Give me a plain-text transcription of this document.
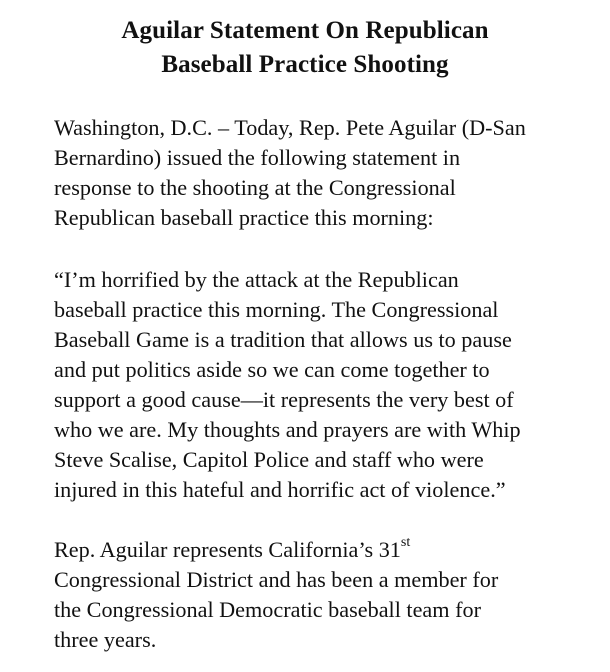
Aguilar Statement On Republican
Baseball Practice Shooting

Washington, D.C. – Today, Rep. Pete Aguilar (D-San
Bernardino) issued the following statement in
response to the shooting at the Congressional
Republican baseball practice this morning:

“I’m horrified by the attack at the Republican
baseball practice this morning. The Congressional
Baseball Game is a tradition that allows us to pause
and put politics aside so we can come together to
support a good cause—it represents the very best of
who we are. My thoughts and prayers are with Whip
Steve Scalise, Capitol Police and staff who were
injured in this hateful and horrific act of violence.”

Rep. Aguilar represents California’s 31st
Congressional District and has been a member for
the Congressional Democratic baseball team for
three years.
